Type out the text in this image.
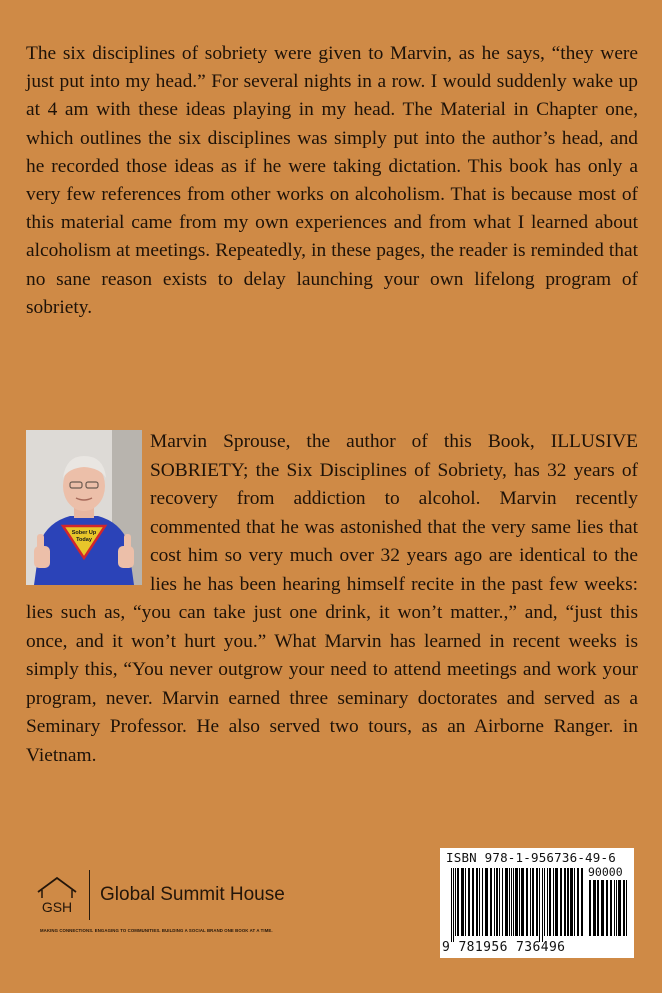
The six disciplines of sobriety were given to Marvin, as he says, “they were just put into my head.” For several nights in a row. I would suddenly wake up at 4 am with these ideas playing in my head. The Material in Chapter one, which outlines the six disciplines was simply put into the author’s head, and he recorded those ideas as if he were taking dictation. This book has only a very few references from other works on alcoholism. That is because most of this material came from my own experiences and from what I learned about alcoholism at meetings. Repeatedly, in these pages, the reader is reminded that no sane reason exists to delay launching your own lifelong program of sobriety.

Sober Up Today

Marvin Sprouse, the author of this Book, ILLUSIVE SOBRIETY; the Six Disciplines of Sobriety, has 32 years of recovery from addiction to alcohol. Marvin recently commented that he was astonished that the very same lies that cost him so very much over 32 years ago are identical to the lies he has been hearing himself recite in the past few weeks: lies such as, “you can take just one drink, it won’t matter.,” and, “just this once, and it won’t hurt you.” What Marvin has learned in recent weeks is simply this, “You never outgrow your need to attend meetings and work your program, never. Marvin earned three seminary doctorates and served as a Seminary Professor. He also served two tours, as an Airborne Ranger. in Vietnam.

GSH
Global Summit House
MAKING CONNECTIONS. ENGAGING TO COMMUNITIES. BUILDING A SOCIAL BRAND ONE BOOK AT A TIME.
ISBN 978-1-956736-49-6
90000
9 781956 736496
